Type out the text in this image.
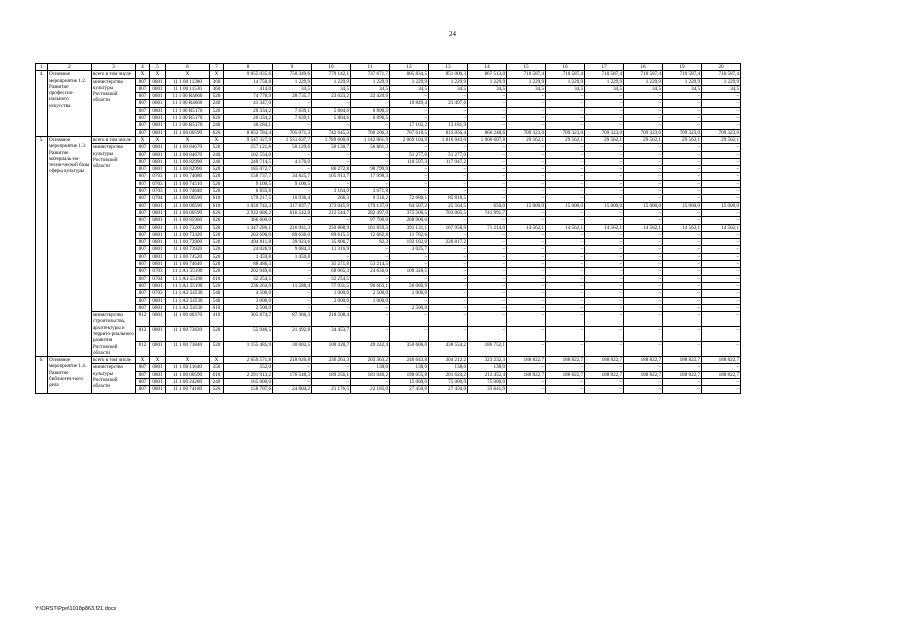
24
1	2	3	4	5	6	7	8	9	10	11	12	13	14	15	16	17	18	19	20
4.	Основное мероприятие 1.2. Развитие профессио-нального искусства	всего в том числе	X	X	X	X	9 055 035,6	750 349,6	779 142,1	737 671,7	805 834,5	851 000,3	867 513,0	710 587,4	710 587,4	710 587,4	710 587,4	710 587,4	710 587,4
		министерство культуры Ростовской области	807	0801	11 1 00 11380	360	14 758,8	1 229,9	1 229,9	1 229,9	1 229,9	1 229,9	1 229,9	1 229,9	1 229,9	1 229,9	1 229,9	1 229,9	1 229,9
			807	0801	11 1 00 11530	360	414,0	34,5	34,5	34,5	34,5	34,5	34,5	34,5	34,5	34,5	34,5	34,5	34,5
			807	0801	11 1 00 R4660	520	74 778,9	28 735,7	23 623,2	22 420,0	–	–	–	–	–	–	–	–	–
			807	0801	11 1 00 R4660	240	41 347,0	–	–	–	19 849,4	21 497,6	–	–	–	–	–	–	–
			807	0801	11 1 00 R5170	520	20 334,2	7 639,1	5 804,6	6 890,5	–	–	–	–	–	–	–	–	–
			807	0801	11 1 00 R5170	620	20 334,2	7 639,1	5 804,6	6 890,5	–	–	–	–	–	–	–	–	–
			807	0801	11 1 00 R5170	240	30 284,1	–	–	–	17 102,2	13 181,9	–	–	–	–	–	–	–
			807	0801	11 1 00 00590	620	8 852 784,4	705 071,3	742 645,3	700 206,3	767 618,5	815 056,4	866 248,6	709 323,0	709 323,0	709 323,0	709 323,0	709 323,0	709 323,0
5.	Основное мероприятие 1.3. Развитие материаль-но-техни-ческой базы сферы культуры	всего в том числе	X	X	X	X	9 547 327,9	1 551 637,7	1 789 600,0	1 142 061,9	2 069 104,9	1 816 943,0	1 000 607,8	29 562,1	29 562,1	29 562,1	29 562,1	29 562,1	29 562,1
		министерство культуры Ростовской области	807	0801	11 1 00 84670	520	157 121,6	50 129,6	50 130,7	56 861,3	–	–	–	–	–	–	–	–	–
			807	0801	11 1 00 84670	240	102 554,0	–	–	–	51 277,0	51 277,0	–	–	–	–	–	–	–
			807	0801	11 1 00 82990	240	240 714,5	4 170,0	–	–	118 597,3	117 947,2	–	–	–	–	–	–	–
			807	0801	11 1 00 82990	520	185 072,7	–	86 272,8	98 799,9	–	–	–	–	–	–	–	–	–
			807	0703	11 1 00 74080	520	158 737,7	34 825,7	105 913,7	17 998,3	–	–	–	–	–	–	–	–	–
			807	0703	11 1 00 74510	520	9 100,5	9 100,5	–	–	–	–	–	–	–	–	–	–	–
			807	0703	11 1 00 74640	520	6 835,8	–	3 164,0	3 671,8	–	–	–	–	–	–	–	–	–
			807	0704	11 1 00 00590	610	179 217,5	10 936,4	266,3	9 516,2	72 680,1	85 818,5	–	–	–	–	–	–	–
			807	0801	11 1 00 00590	610	1 050 742,3	317 837,7	373 045,9	179 137,0	64 507,2	25 564,5	650,0	15 000,0	15 000,0	15 000,0	15 000,0	15 000,0	15 000,0
			807	0801	11 1 00 00590	620	2 932 088,2	616 542,8	212 544,7	282 497,0	375 506,5	703 005,5	741 991,7	–	–	–	–	–	–
			807	0801	11 1 00 85960	620	366 600,0	–	–	97 700,0	268 900,0	–	–	–	–	–	–	–	–
			807	0801	11 1 00 73200	520	1 347 286,1	216 941,3	250 808,9	161 859,3	391 131,1	167 958,9	71 214,0	14 562,1	14 562,1	14 562,1	14 562,1	14 562,1	14 562,1
			807	0801	11 1 00 73320	520	203 696,9	89 636,0	89 615,5	12 662,8	11 782,6	–	–	–	–	–	–	–	–
			807	0801	11 1 00 73900	520	494 811,8	39 923,6	35 806,7	82,3	192 182,0	226 817,2	–	–	–	–	–	–	–
			807	0801	11 1 00 73920	520	24 026,9	9 684,3	11 316,9	–	3 025,7	–	–	–	–	–	–	–	–
			807	0801	11 1 00 74520	520	1 459,8	1 459,8	–	–	–	–	–	–	–	–	–	–	–
			807	0801	11 1 00 74640	520	88 486,3	–	35 271,8	53 214,5	–	–	–	–	–	–	–	–	–
			807	0703	11 1 A1 55190	520	202 949,8	–	68 965,3	24 656,0	109 328,5	–	–	–	–	–	–	–	–
			807	0704	11 1 A1 55190	610	32 254,5	–	32 254,5	–	–	–	–	–	–	–	–	–	–
			807	0801	11 1 A1 55190	520	236 263,9	11 588,4	77 931,5	90 663,1	56 080,9	–	–	–	–	–	–	–	–
			807	0703	11 1 A3 54530	540	4 500,0	–	1 000,0	2 500,0	1 000,0	–	–	–	–	–	–	–	–
			807	0801	11 1 A3 54530	540	3 000,0	–	2 000,0	1 000,0	–	–	–	–	–	–	–	–	–
			807	0801	11 1 A3 54530	610	2 500,0	–	–	–	2 500,0	–	–	–	–	–	–	–	–
		министерство строительства, архитектуры и террито-риального развития Ростовской области	812	0801	11 1 00 40370	410	305 874,7	87 366,3	218 508,4	–	–	–	–	–	–	–	–	–	–
			812	0801	11 1 00 73830	520	55 946,5	21 492,8	34 453,7	–	–	–	–	–	–	–	–	–	–
			812	0801	11 1 00 73840	520	1 155 485,9	30 002,5	100 328,7	49 242,4	350 606,0	438 554,2	186 752,1	–	–	–	–	–	–
6.	Основное мероприятие 1.4. Развитие библиотеч-ного дела	всего в том числе	X	X	X	X	2 659 571,8	218 920,8	236 263,3	203 363,2	240 643,8	304 212,2	323 232,3	188 822,7	188 822,7	188 822,7	188 822,7	188 822,7	188 822,7
		министерство культуры Ростовской области	807	0801	11 1 00 11640	350	552,0	–	–	138,0	138,0	138,0	138,0	–	–	–	–	–	–
			807	0801	11 1 00 00590	610	2 291 913,2	176 548,3	189 256,1	181 040,2	198 055,8	201 624,2	212 452,4	188 822,7	188 822,7	188 822,7	188 822,7	188 822,7	188 822,7
			807	0801	11 1 00 24280	240	165 000,0	–	–	–	15 000,0	75 000,0	75 000,0	–	–	–	–	–	–
			807	0801	11 1 00 74180	520	158 707,6	24 804,2	21 176,5	22 185,0	27 450,0	27 450,0	35 641,9	–	–	–	–	–	–
Y:\ORST\Ppo\1018p863.f21.docx
